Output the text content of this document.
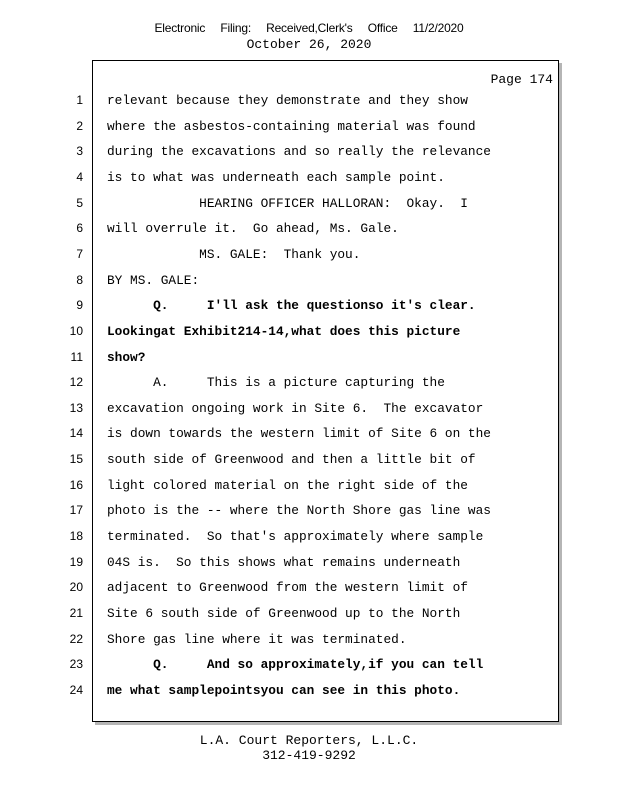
Electronic Filing: Received,Clerk's Office 11/2/2020
October 26, 2020
Page 174
1 relevant because they demonstrate and they show
2 where the asbestos-containing material was found
3 during the excavations and so really the relevance
4 is to what was underneath each sample point.
5 HEARING OFFICER HALLORAN:  Okay.  I
6 will overrule it.  Go ahead, Ms. Gale.
7 MS. GALE:  Thank you.
8 BY MS. GALE:
9 Q.     I'll ask the questionso it's clear.
10 Lookingat Exhibit214-14,what does this picture
11 show?
12 A.     This is a picture capturing the
13 excavation ongoing work in Site 6.  The excavator
14 is down towards the western limit of Site 6 on the
15 south side of Greenwood and then a little bit of
16 light colored material on the right side of the
17 photo is the -- where the North Shore gas line was
18 terminated.  So that's approximately where sample
19 04S is.  So this shows what remains underneath
20 adjacent to Greenwood from the western limit of
21 Site 6 south side of Greenwood up to the North
22 Shore gas line where it was terminated.
23 Q.     And so approximately,if you can tell
24 me what samplepointsyou can see in this photo.
L.A. Court Reporters, L.L.C.
312-419-9292
